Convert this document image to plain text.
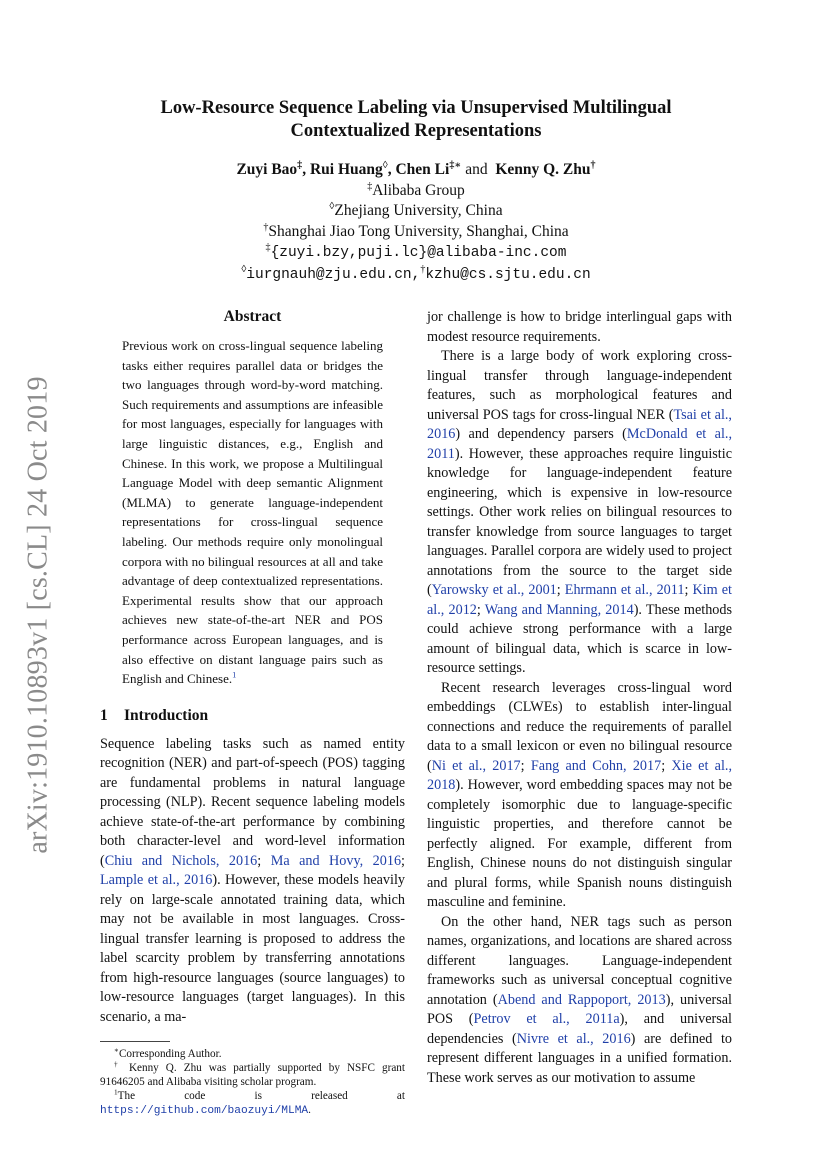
arXiv:1910.10893v1 [cs.CL] 24 Oct 2019
Low-Resource Sequence Labeling via Unsupervised Multilingual
Contextualized Representations
Zuyi Bao‡, Rui Huang◊, Chen Li‡∗ and Kenny Q. Zhu†
‡Alibaba Group
◊Zhejiang University, China
†Shanghai Jiao Tong University, Shanghai, China
‡{zuyi.bzy,puji.lc}@alibaba-inc.com
◊iurgnauh@zju.edu.cn,†kzhu@cs.sjtu.edu.cn
Abstract

Previous work on cross-lingual sequence labeling tasks either requires parallel data or bridges the two languages through word-by-word matching. Such requirements and assumptions are infeasible for most languages, especially for languages with large linguistic distances, e.g., English and Chinese. In this work, we propose a Multilingual Language Model with deep semantic Alignment (MLMA) to generate language-independent representations for cross-lingual sequence labeling. Our methods require only monolingual corpora with no bilingual resources at all and take advantage of deep contextualized representations. Experimental results show that our approach achieves new state-of-the-art NER and POS performance across European languages, and is also effective on distant language pairs such as English and Chinese.$^1$

1 Introduction

Sequence labeling tasks such as named entity recognition (NER) and part-of-speech (POS) tagging are fundamental problems in natural language processing (NLP). Recent sequence labeling models achieve state-of-the-art performance by combining both character-level and word-level information (Chiu and Nichols, 2016; Ma and Hovy, 2016; Lample et al., 2016). However, these models heavily rely on large-scale annotated training data, which may not be available in most languages. Cross-lingual transfer learning is proposed to address the label scarcity problem by transferring annotations from high-resource languages (source languages) to low-resource languages (target languages). In this scenario, a ma-

∗Corresponding Author.

† Kenny Q. Zhu was partially supported by NSFC grant 91646205 and Alibaba visiting scholar program.

$^1$The code is released at https://github.com/baozuyi/MLMA.

jor challenge is how to bridge interlingual gaps with modest resource requirements.

There is a large body of work exploring cross-lingual transfer through language-independent features, such as morphological features and universal POS tags for cross-lingual NER (Tsai et al., 2016) and dependency parsers (McDonald et al., 2011). However, these approaches require linguistic knowledge for language-independent feature engineering, which is expensive in low-resource settings. Other work relies on bilingual resources to transfer knowledge from source languages to target languages. Parallel corpora are widely used to project annotations from the source to the target side (Yarowsky et al., 2001; Ehrmann et al., 2011; Kim et al., 2012; Wang and Manning, 2014). These methods could achieve strong performance with a large amount of bilingual data, which is scarce in low-resource settings.

Recent research leverages cross-lingual word embeddings (CLWEs) to establish inter-lingual connections and reduce the requirements of parallel data to a small lexicon or even no bilingual resource (Ni et al., 2017; Fang and Cohn, 2017; Xie et al., 2018). However, word embedding spaces may not be completely isomorphic due to language-specific linguistic properties, and therefore cannot be perfectly aligned. For example, different from English, Chinese nouns do not distinguish singular and plural forms, while Spanish nouns distinguish masculine and feminine.

On the other hand, NER tags such as person names, organizations, and locations are shared across different languages. Language-independent frameworks such as universal conceptual cognitive annotation (Abend and Rappoport, 2013), universal POS (Petrov et al., 2011a), and universal dependencies (Nivre et al., 2016) are defined to represent different languages in a unified formation. These work serves as our motivation to assume
